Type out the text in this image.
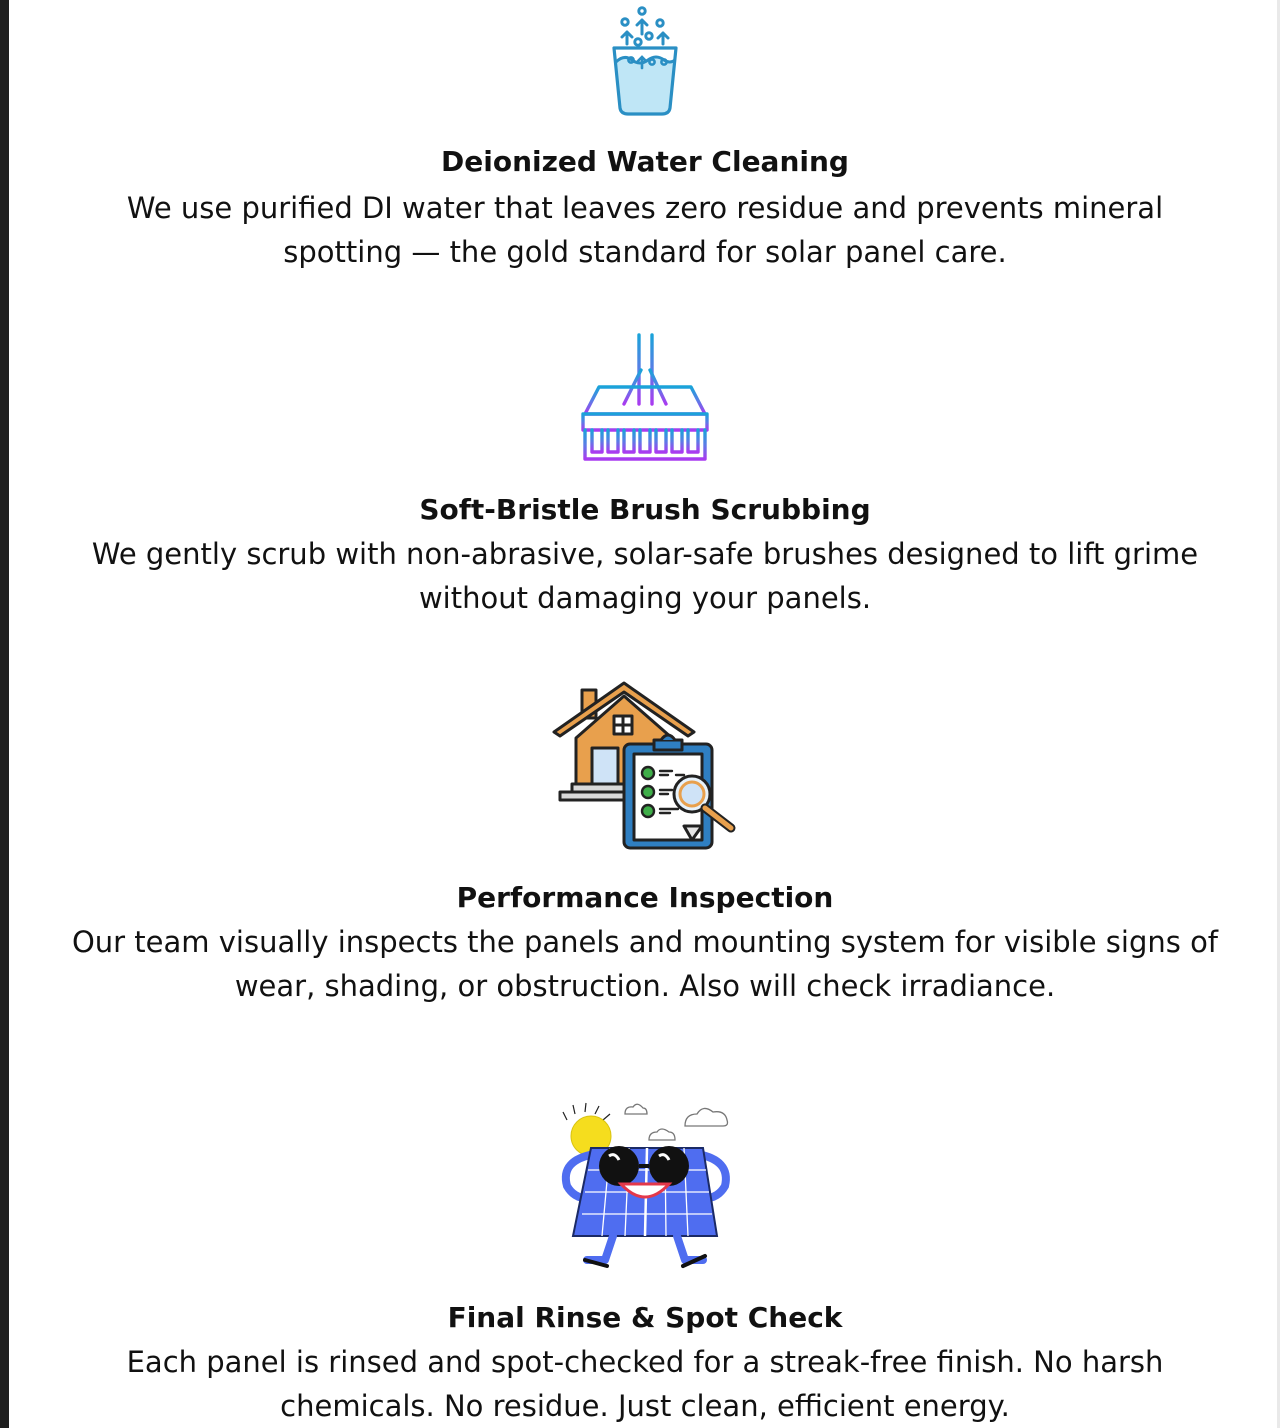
Deionized Water Cleaning
We use purified DI water that leaves zero residue and prevents mineral
spotting — the gold standard for solar panel care.
Soft-Bristle Brush Scrubbing
We gently scrub with non-abrasive, solar-safe brushes designed to lift grime
without damaging your panels.
Performance Inspection
Our team visually inspects the panels and mounting system for visible signs of
wear, shading, or obstruction. Also will check irradiance.
Final Rinse & Spot Check
Each panel is rinsed and spot-checked for a streak-free finish. No harsh
chemicals. No residue. Just clean, efficient energy.
